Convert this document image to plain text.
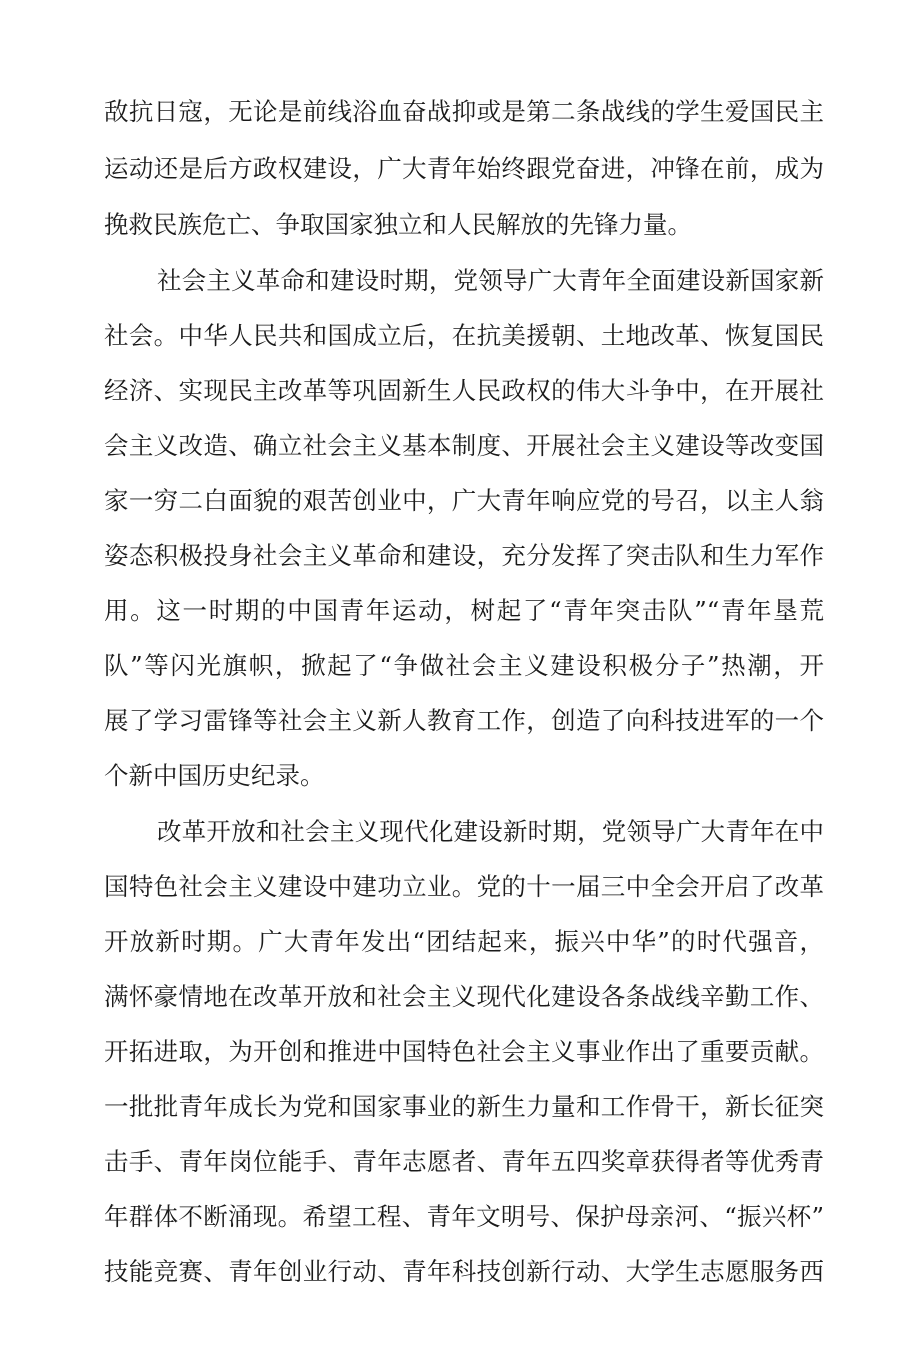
敌抗日寇，无论是前线浴血奋战抑或是第二条战线的学生爱国民主

运动还是后方政权建设，广大青年始终跟党奋进，冲锋在前，成为

挽救民族危亡、争取国家独立和人民解放的先锋力量。

社会主义革命和建设时期，党领导广大青年全面建设新国家新

社会。中华人民共和国成立后，在抗美援朝、土地改革、恢复国民

经济、实现民主改革等巩固新生人民政权的伟大斗争中，在开展社

会主义改造、确立社会主义基本制度、开展社会主义建设等改变国

家一穷二白面貌的艰苦创业中，广大青年响应党的号召，以主人翁

姿态积极投身社会主义革命和建设，充分发挥了突击队和生力军作

用。这一时期的中国青年运动，树起了“青年突击队”“青年垦荒

队”等闪光旗帜，掀起了“争做社会主义建设积极分子”热潮，开

展了学习雷锋等社会主义新人教育工作，创造了向科技进军的一个

个新中国历史纪录。

改革开放和社会主义现代化建设新时期，党领导广大青年在中

国特色社会主义建设中建功立业。党的十一届三中全会开启了改革

开放新时期。广大青年发出“团结起来，振兴中华”的时代强音，

满怀豪情地在改革开放和社会主义现代化建设各条战线辛勤工作、

开拓进取，为开创和推进中国特色社会主义事业作出了重要贡献。

一批批青年成长为党和国家事业的新生力量和工作骨干，新长征突

击手、青年岗位能手、青年志愿者、青年五四奖章获得者等优秀青

年群体不断涌现。希望工程、青年文明号、保护母亲河、“振兴杯”

技能竞赛、青年创业行动、青年科技创新行动、大学生志愿服务西
